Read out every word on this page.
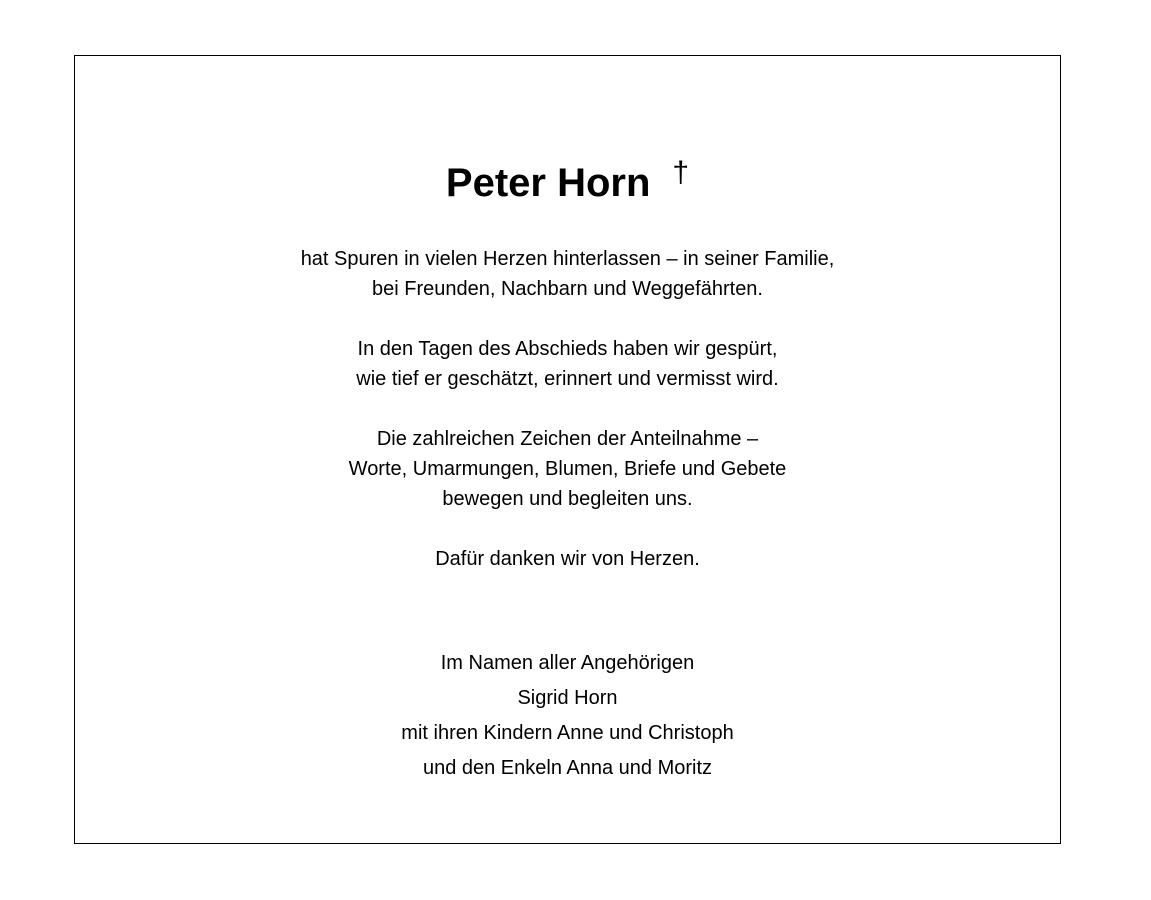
Peter Horn †
hat Spuren in vielen Herzen hinterlassen – in seiner Familie,
bei Freunden, Nachbarn und Weggefährten.
In den Tagen des Abschieds haben wir gespürt,
wie tief er geschätzt, erinnert und vermisst wird.
Die zahlreichen Zeichen der Anteilnahme –
Worte, Umarmungen, Blumen, Briefe und Gebete
bewegen und begleiten uns.
Dafür danken wir von Herzen.
Im Namen aller Angehörigen
Sigrid Horn
mit ihren Kindern Anne und Christoph
und den Enkeln Anna und Moritz
